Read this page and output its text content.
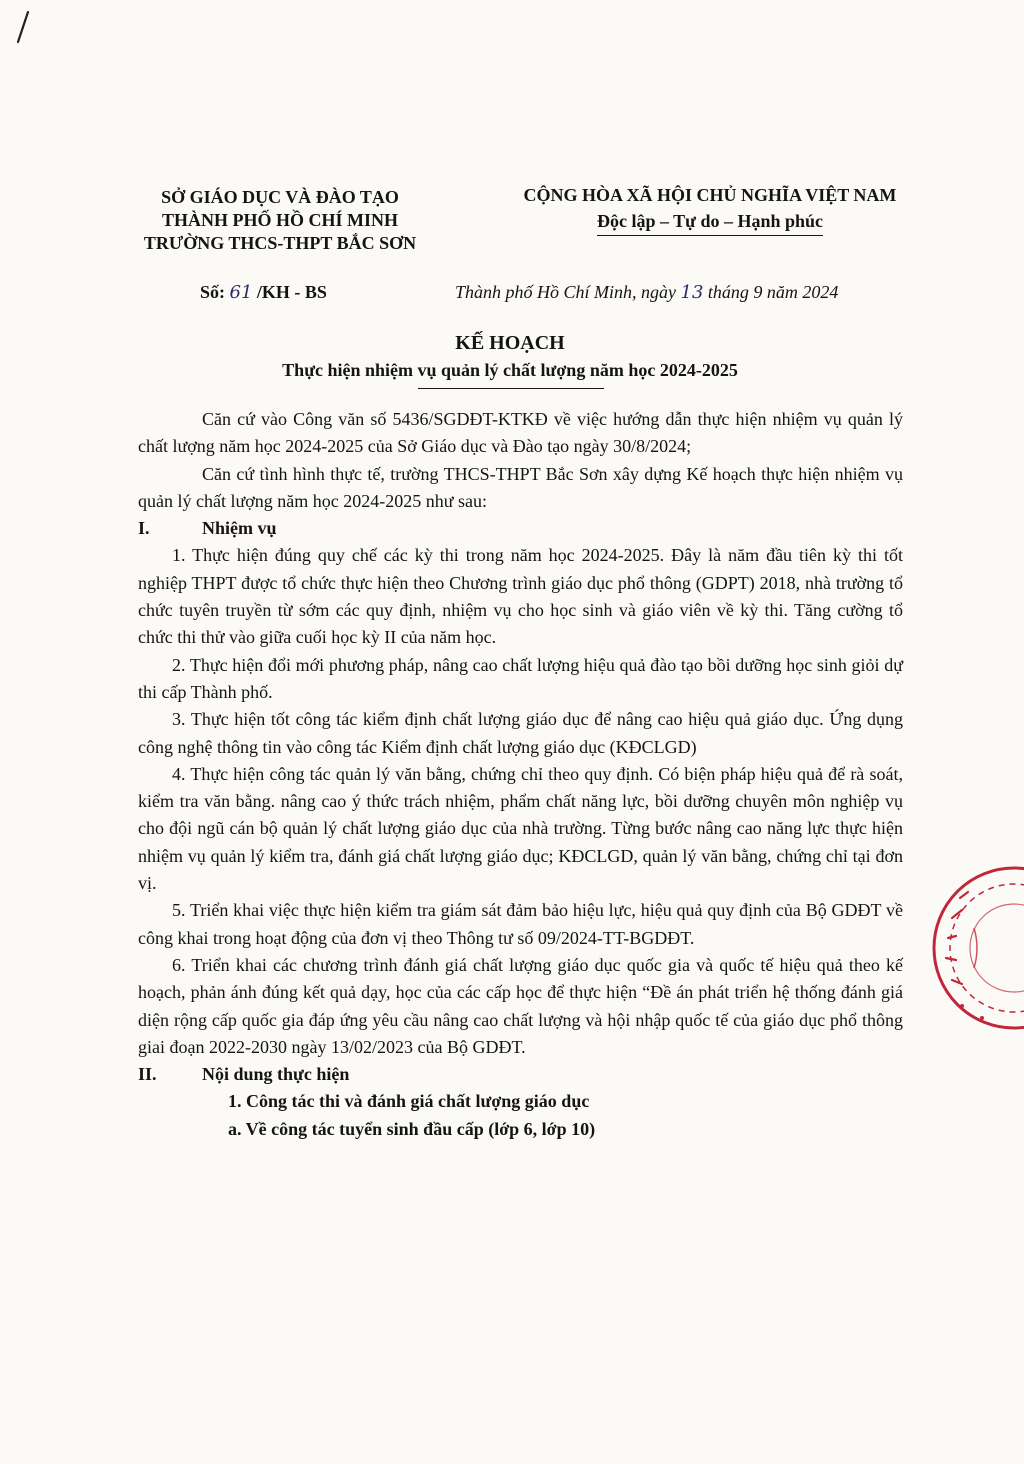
SỞ GIÁO DỤC VÀ ĐÀO TẠO
THÀNH PHỐ HỒ CHÍ MINH
TRƯỜNG THCS-THPT BẮC SƠN
CỘNG HÒA XÃ HỘI CHỦ NGHĨA VIỆT NAM
Độc lập – Tự do – Hạnh phúc
Số: 61 /KH - BS	Thành phố Hồ Chí Minh, ngày 13 tháng 9 năm 2024
KẾ HOẠCH
Thực hiện nhiệm vụ quản lý chất lượng năm học 2024-2025

Căn cứ vào Công văn số 5436/SGDĐT-KTKĐ về việc hướng dẫn thực hiện nhiệm vụ quản lý chất lượng năm học 2024-2025 của Sở Giáo dục và Đào tạo ngày 30/8/2024;

Căn cứ tình hình thực tế, trường THCS-THPT Bắc Sơn xây dựng Kế hoạch thực hiện nhiệm vụ quản lý chất lượng năm học 2024-2025 như sau:

I.	Nhiệm vụ

1. Thực hiện đúng quy chế các kỳ thi trong năm học 2024-2025. Đây là năm đầu tiên kỳ thi tốt nghiệp THPT được tổ chức thực hiện theo Chương trình giáo dục phổ thông (GDPT) 2018, nhà trường tổ chức tuyên truyền từ sớm các quy định, nhiệm vụ cho học sinh và giáo viên về kỳ thi. Tăng cường tổ chức thi thử vào giữa cuối học kỳ II của năm học.

2. Thực hiện đổi mới phương pháp, nâng cao chất lượng hiệu quả đào tạo bồi dưỡng học sinh giỏi dự thi cấp Thành phố.

3. Thực hiện tốt công tác kiểm định chất lượng giáo dục để nâng cao hiệu quả giáo dục. Ứng dụng công nghệ thông tin vào công tác Kiểm định chất lượng giáo dục (KĐCLGD)

4. Thực hiện công tác quản lý văn bằng, chứng chỉ theo quy định. Có biện pháp hiệu quả để rà soát, kiểm tra văn bằng. nâng cao ý thức trách nhiệm, phẩm chất năng lực, bồi dưỡng chuyên môn nghiệp vụ cho đội ngũ cán bộ quản lý chất lượng giáo dục của nhà trường. Từng bước nâng cao năng lực thực hiện nhiệm vụ quản lý kiểm tra, đánh giá chất lượng giáo dục; KĐCLGD, quản lý văn bằng, chứng chỉ tại đơn vị.

5. Triển khai việc thực hiện kiểm tra giám sát đảm bảo hiệu lực, hiệu quả quy định của Bộ GDĐT về công khai trong hoạt động của đơn vị theo Thông tư số 09/2024-TT-BGDĐT.

6. Triển khai các chương trình đánh giá chất lượng giáo dục quốc gia và quốc tế hiệu quả theo kế hoạch, phản ánh đúng kết quả dạy, học của các cấp học để thực hiện “Đề án phát triển hệ thống đánh giá diện rộng cấp quốc gia đáp ứng yêu cầu nâng cao chất lượng và hội nhập quốc tế của giáo dục phổ thông giai đoạn 2022-2030 ngày 13/02/2023 của Bộ GDĐT.

II.	Nội dung thực hiện

1. Công tác thi và đánh giá chất lượng giáo dục

a. Về công tác tuyển sinh đầu cấp (lớp 6, lớp 10)
